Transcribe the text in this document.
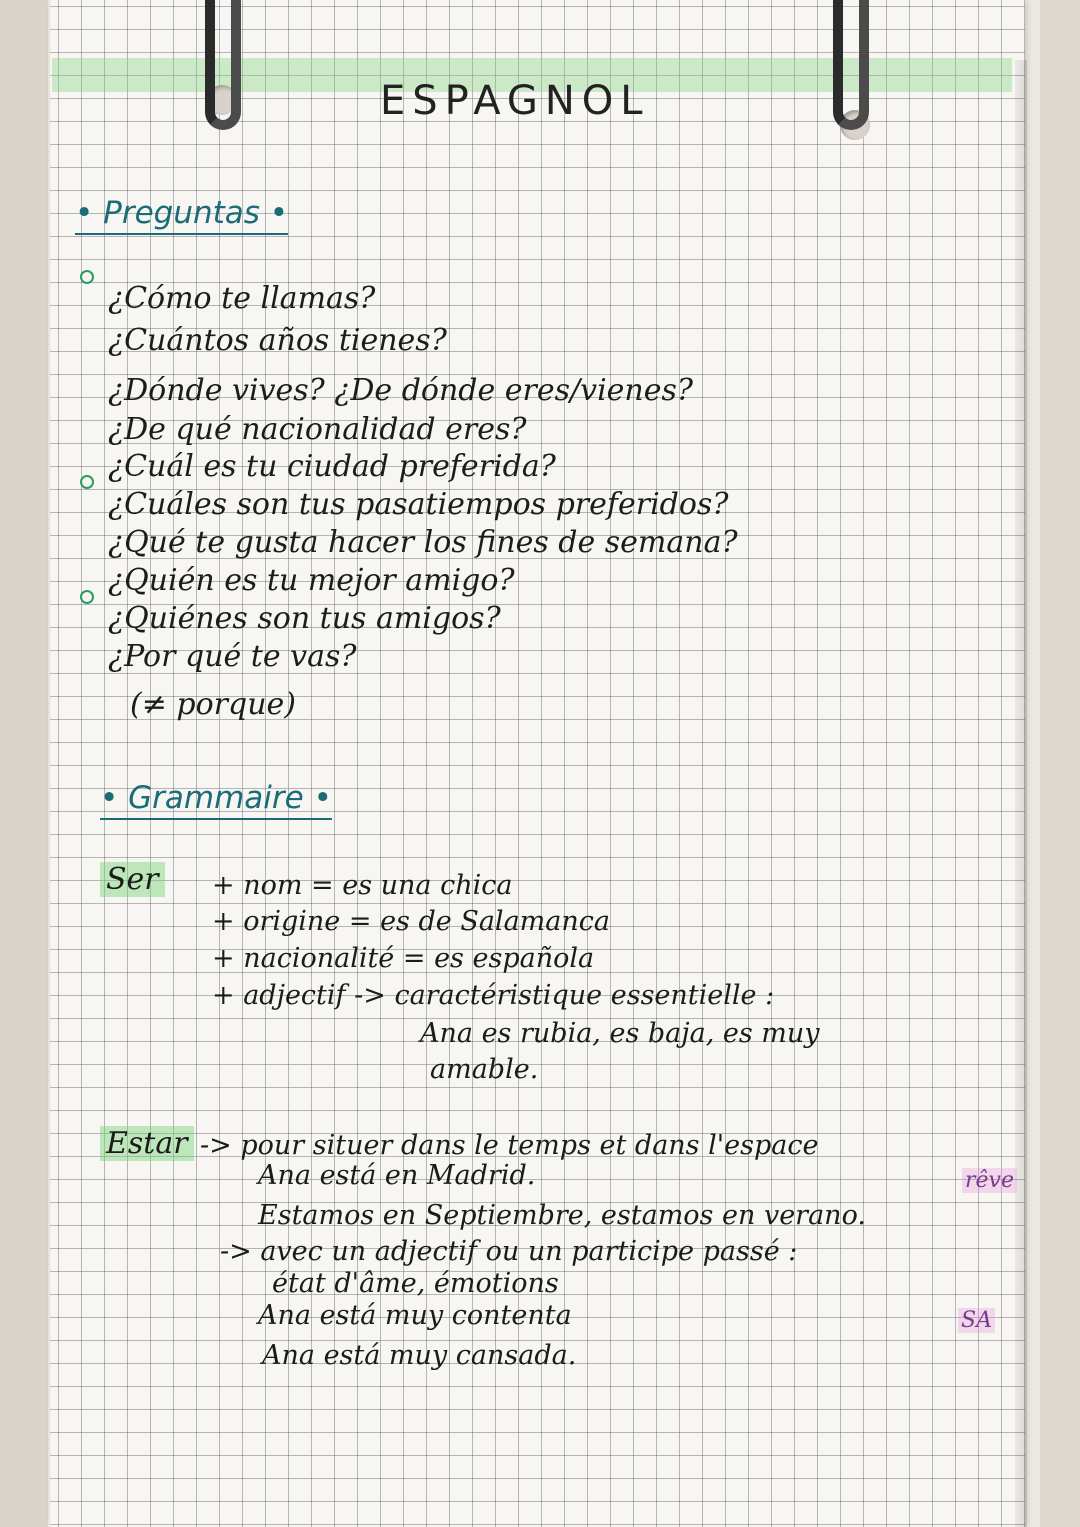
ESPAGNOL
• Preguntas •
¿Cómo te llamas?
¿Cuántos años tienes?
¿Dónde vives? ¿De dónde eres/vienes?
¿De qué nacionalidad eres?
¿Cuál es tu ciudad preferida?
¿Cuáles son tus pasatiempos preferidos?
¿Qué te gusta hacer los fines de semana?
¿Quién es tu mejor amigo?
¿Quiénes son tus amigos?
¿Por qué te vas?
(≠ porque)
• Grammaire •
Ser + nom = es una chica
+ origine = es de Salamanca
+ nacionalité = es española
+ adjectif -> caractéristique essentielle :
Ana es rubia, es baja, es muy
amable.
Estar -> pour situer dans le temps et dans l'espace
Ana está en Madrid.
Estamos en Septiembre, estamos en verano.
-> avec un adjectif ou un participe passé :
état d'âme, émotions
Ana está muy contenta
Ana está muy cansada.
rêve
SA
